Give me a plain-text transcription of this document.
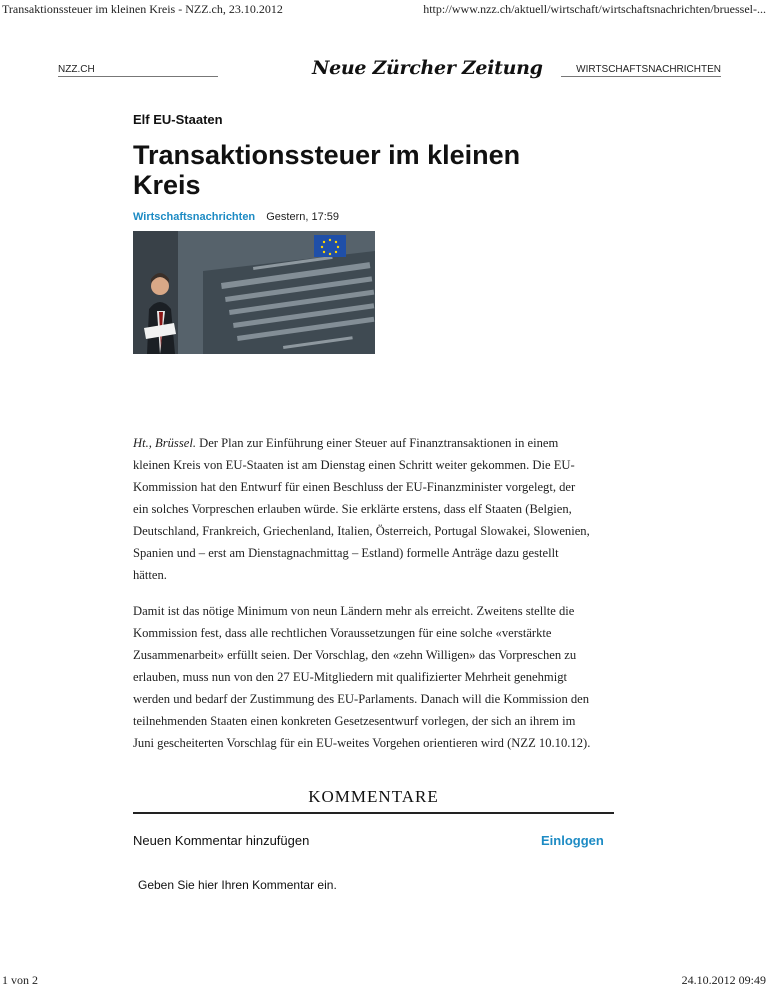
Transaktionssteuer im kleinen Kreis - NZZ.ch, 23.10.2012	http://www.nzz.ch/aktuell/wirtschaft/wirtschaftsnachrichten/bruessel-...
NZZ.CH	Neue Zürcher Zeitung	WIRTSCHAFTSNACHRICHTEN
Elf EU-Staaten
Transaktionssteuer im kleinen Kreis
Wirtschaftsnachrichten Gestern, 17:59

Ht., Brüssel. Der Plan zur Einführung einer Steuer auf Finanztransaktionen in einem kleinen Kreis von EU-Staaten ist am Dienstag einen Schritt weiter gekommen. Die EU-Kommission hat den Entwurf für einen Beschluss der EU-Finanzminister vorgelegt, der ein solches Vorpreschen erlauben würde. Sie erklärte erstens, dass elf Staaten (Belgien, Deutschland, Frankreich, Griechenland, Italien, Österreich, Portugal Slowakei, Slowenien, Spanien und – erst am Dienstagnachmittag – Estland) formelle Anträge dazu gestellt hätten.

Damit ist das nötige Minimum von neun Ländern mehr als erreicht. Zweitens stellte die Kommission fest, dass alle rechtlichen Voraussetzungen für eine solche «verstärkte Zusammenarbeit» erfüllt seien. Der Vorschlag, den «zehn Willigen» das Vorpreschen zu erlauben, muss nun von den 27 EU-Mitgliedern mit qualifizierter Mehrheit genehmigt werden und bedarf der Zustimmung des EU-Parlaments. Danach will die Kommission den teilnehmenden Staaten einen konkreten Gesetzesentwurf vorlegen, der sich an ihrem im Juni gescheiterten Vorschlag für ein EU-weites Vorgehen orientieren wird (NZZ 10.10.12).

KOMMENTARE
Neuen Kommentar hinzufügen	Einloggen
Geben Sie hier Ihren Kommentar ein.
1 von 2	24.10.2012 09:49
